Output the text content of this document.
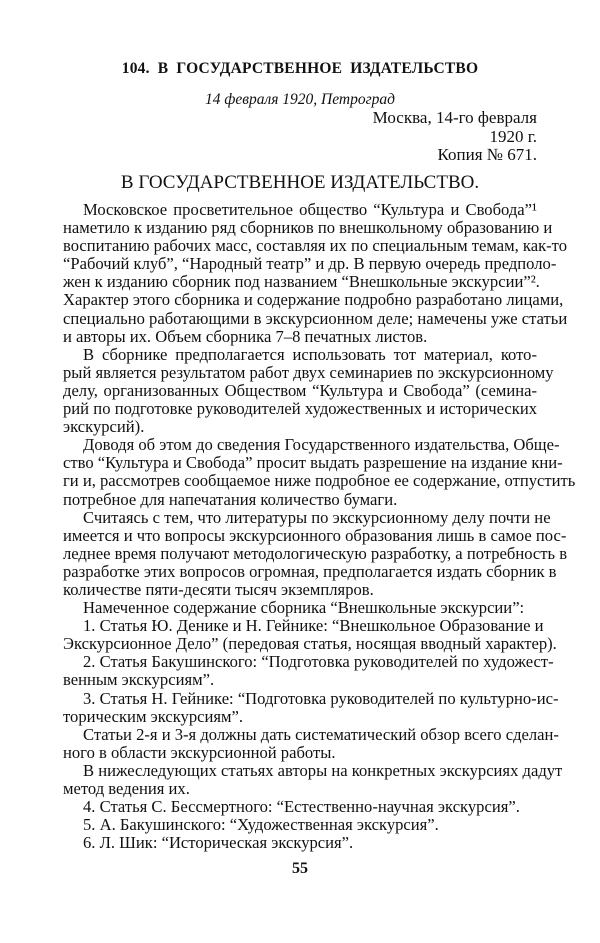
104. В ГОСУДАРСТВЕННОЕ ИЗДАТЕЛЬСТВО
14 февраля 1920, Петроград
Москва, 14-го февраля
1920 г.
Копия № 671.
В ГОСУДАРСТВЕННОЕ ИЗДАТЕЛЬСТВО.
Московское просветительное общество “Культура и Свобода”¹
наметило к изданию ряд сборников по внешкольному образованию и
воспитанию рабочих масс, составляя их по специальным темам, как-то
“Рабочий клуб”, “Народный театр” и др. В первую очередь предполо-
жен к изданию сборник под названием “Внешкольные экскурсии”².
Характер этого сборника и содержание подробно разработано лицами,
специально работающими в экскурсионном деле; намечены уже статьи
и авторы их. Объем сборника 7–8 печатных листов.
В сборнике предполагается использовать тот материал, кото-
рый является результатом работ двух семинариев по экскурсионному
делу, организованных Обществом “Культура и Свобода” (семина-
рий по подготовке руководителей художественных и исторических
экскурсий).
Доводя об этом до сведения Государственного издательства, Обще-
ство “Культура и Свобода” просит выдать разрешение на издание кни-
ги и, рассмотрев сообщаемое ниже подробное ее содержание, отпустить
потребное для напечатания количество бумаги.
Считаясь с тем, что литературы по экскурсионному делу почти не
имеется и что вопросы экскурсионного образования лишь в самое пос-
леднее время получают методологическую разработку, а потребность в
разработке этих вопросов огромная, предполагается издать сборник в
количестве пяти-десяти тысяч экземпляров.
Намеченное содержание сборника “Внешкольные экскурсии”:
1. Статья Ю. Денике и Н. Гейнике: “Внешкольное Образование и
Экскурсионное Дело” (передовая статья, носящая вводный характер).
2. Статья Бакушинского: “Подготовка руководителей по художест-
венным экскурсиям”.
3. Статья Н. Гейнике: “Подготовка руководителей по культурно-ис-
торическим экскурсиям”.
Статьи 2-я и 3-я должны дать систематический обзор всего сделан-
ного в области экскурсионной работы.
В нижеследующих статьях авторы на конкретных экскурсиях дадут
метод ведения их.
4. Статья С. Бессмертного: “Естественно-научная экскурсия”.
5. А. Бакушинского: “Художественная экскурсия”.
6. Л. Шик: “Историческая экскурсия”.
55
